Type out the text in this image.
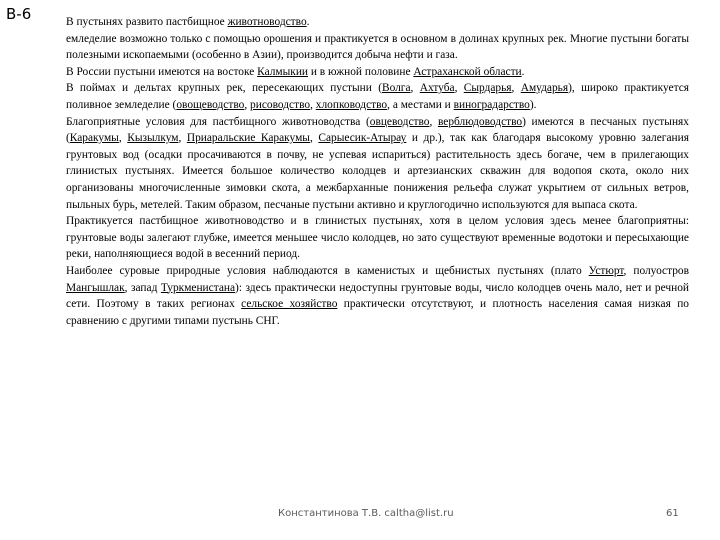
В-6	В пустынях развито пастбищное животноводство.

емледелие возможно только с помощью орошения и практикуется в основном в долинах крупных рек. Многие пустыни богаты полезными ископаемыми (особенно в Азии), производится добыча нефти и газа.

В России пустыни имеются на востоке Калмыкии и в южной половине Астраханской области.

В поймах и дельтах крупных рек, пересекающих пустыни (Волга, Ахтуба, Сырдарья, Амударья), широко практикуется поливное земледелие (овощеводство, рисоводство, хлопководство, а местами и виноградарство).

Благоприятные условия для пастбищного животноводства (овцеводство, верблюдоводство) имеются в песчаных пустынях (Каракумы, Кызылкум, Приаральские Каракумы, Сарыесик-Атырау и др.), так как благодаря высокому уровню залегания грунтовых вод (осадки просачиваются в почву, не успевая испариться) растительность здесь богаче, чем в прилегающих глинистых пустынях. Имеется большое количество колодцев и артезианских скважин для водопоя скота, около них организованы многочисленные зимовки скота, а межбарханные понижения рельефа служат укрытием от сильных ветров, пыльных бурь, метелей. Таким образом, песчаные пустыни активно и круглогодично используются для выпаса скота.

Практикуется пастбищное животноводство и в глинистых пустынях, хотя в целом условия здесь менее благоприятны: грунтовые воды залегают глубже, имеется меньшее число колодцев, но зато существуют временные водотоки и пересыхающие реки, наполняющиеся водой в весенний период.

Наиболее суровые природные условия наблюдаются в каменистых и щебнистых пустынях (плато Устюрт, полуостров Мангышлак, запад Туркменистана): здесь практически недоступны грунтовые воды, число колодцев очень мало, нет и речной сети. Поэтому в таких регионах сельское хозяйство практически отсутствуют, и плотность населения самая низкая по сравнению с другими типами пустынь СНГ.

Константинова Т.В. caltha@list.ru	61
